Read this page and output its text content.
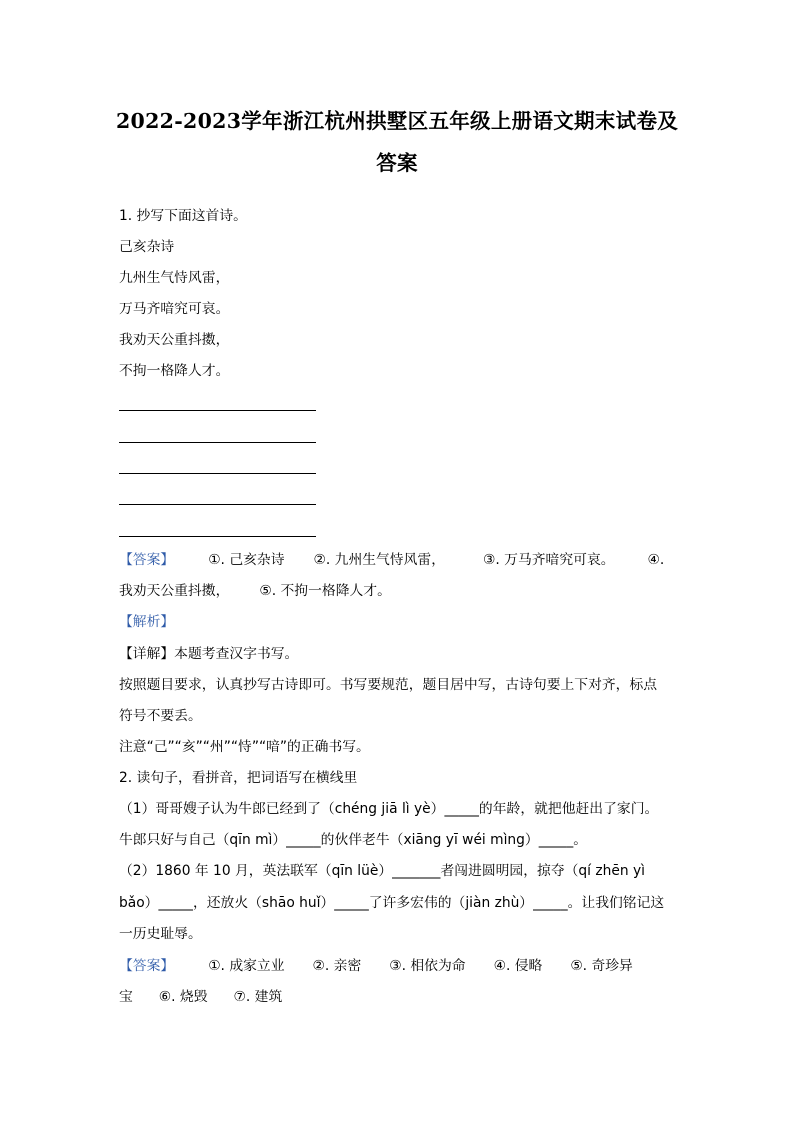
2022-2023学年浙江杭州拱墅区五年级上册语文期末试卷及
答案
1. 抄写下面这首诗。
己亥杂诗
九州生气恃风雷，
万马齐喑究可哀。
我劝天公重抖擞，
不拘一格降人才。
【答案】 ①. 己亥杂诗 ②. 九州生气恃风雷，	③. 万马齐喑究可哀。 ④.
我劝天公重抖擞， ⑤. 不拘一格降人才。
【解析】
【详解】本题考查汉字书写。
按照题目要求，认真抄写古诗即可。书写要规范，题目居中写，古诗句要上下对齐，标点
符号不要丢。
注意“己”“亥”“州”“恃”“喑”的正确书写。
2. 读句子，看拼音，把词语写在横线里
（1）哥哥嫂子认为牛郎已经到了（chéng jiā lì yè）_____的年龄，就把他赶出了家门。
牛郎只好与自己（qīn mì）_____的伙伴老牛（xiāng yī wéi mìng）_____。
（2）1860 年 10 月，英法联军（qīn lüè）_______者闯进圆明园，掠夺（qí zhēn yì
bǎo）_____，还放火（shāo huǐ）_____了许多宏伟的（jiàn zhù）_____。让我们铭记这
一历史耻辱。
【答案】 ①. 成家立业 ②. 亲密 ③. 相依为命 ④. 侵略 ⑤. 奇珍异
宝 ⑥. 烧毁 ⑦. 建筑
